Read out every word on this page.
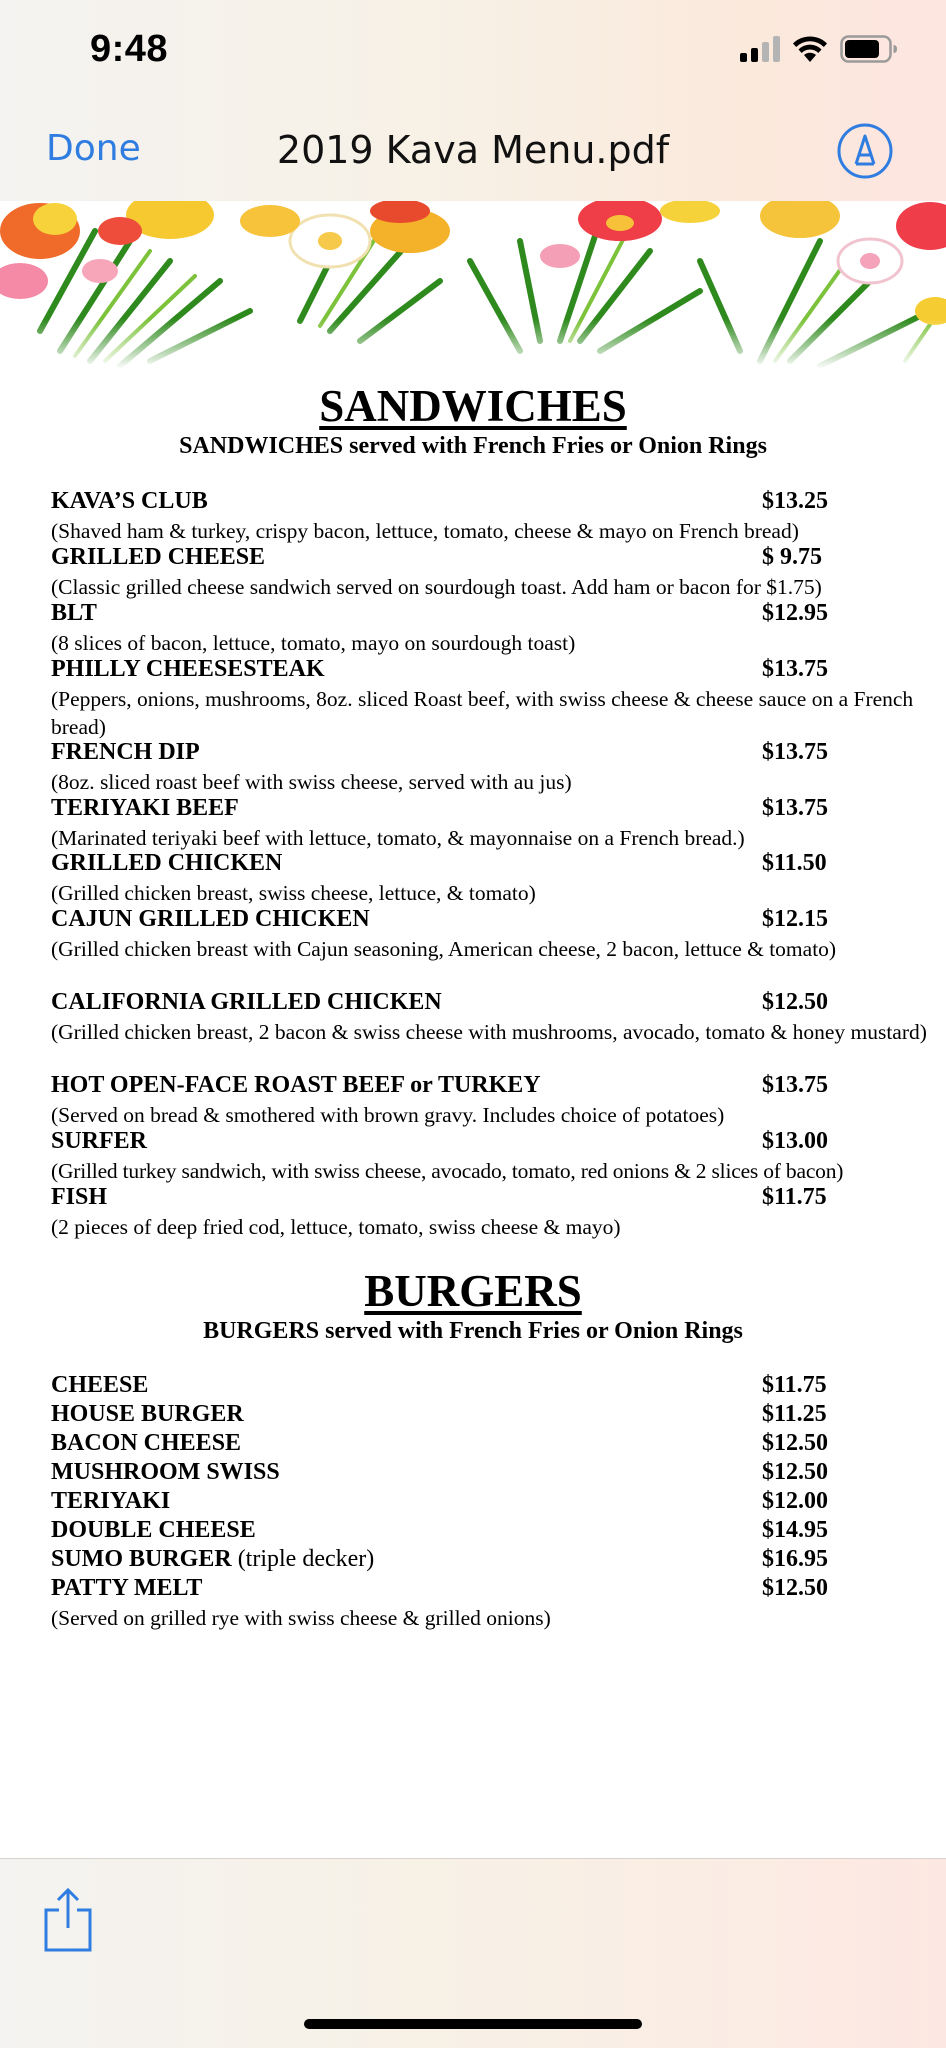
9:48
Done	2019 Kava Menu.pdf
SANDWICHES
SANDWICHES served with French Fries or Onion Rings
KAVA’S CLUB	$13.25
(Shaved ham & turkey, crispy bacon, lettuce, tomato, cheese & mayo on French bread)
GRILLED CHEESE	$ 9.75
(Classic grilled cheese sandwich served on sourdough toast. Add ham or bacon for $1.75)
BLT	$12.95
(8 slices of bacon, lettuce, tomato, mayo on sourdough toast)
PHILLY CHEESESTEAK	$13.75
(Peppers, onions, mushrooms, 8oz. sliced Roast beef, with swiss cheese & cheese sauce on a French bread)
FRENCH DIP	$13.75
(8oz. sliced roast beef with swiss cheese, served with au jus)
TERIYAKI BEEF	$13.75
(Marinated teriyaki beef with lettuce, tomato, & mayonnaise on a French bread.)
GRILLED CHICKEN	$11.50
(Grilled chicken breast, swiss cheese, lettuce, & tomato)
CAJUN GRILLED CHICKEN	$12.15
(Grilled chicken breast with Cajun seasoning, American cheese, 2 bacon, lettuce & tomato)
CALIFORNIA GRILLED CHICKEN	$12.50
(Grilled chicken breast, 2 bacon & swiss cheese with mushrooms, avocado, tomato & honey mustard)
HOT OPEN-FACE ROAST BEEF or TURKEY	$13.75
(Served on bread & smothered with brown gravy. Includes choice of potatoes)
SURFER	$13.00
(Grilled turkey sandwich, with swiss cheese, avocado, tomato, red onions & 2 slices of bacon)
FISH	$11.75
(2 pieces of deep fried cod, lettuce, tomato, swiss cheese & mayo)
BURGERS
BURGERS served with French Fries or Onion Rings
CHEESE	$11.75
HOUSE BURGER	$11.25
BACON CHEESE	$12.50
MUSHROOM SWISS	$12.50
TERIYAKI	$12.00
DOUBLE CHEESE	$14.95
SUMO BURGER (triple decker)	$16.95
PATTY MELT	$12.50
(Served on grilled rye with swiss cheese & grilled onions)
